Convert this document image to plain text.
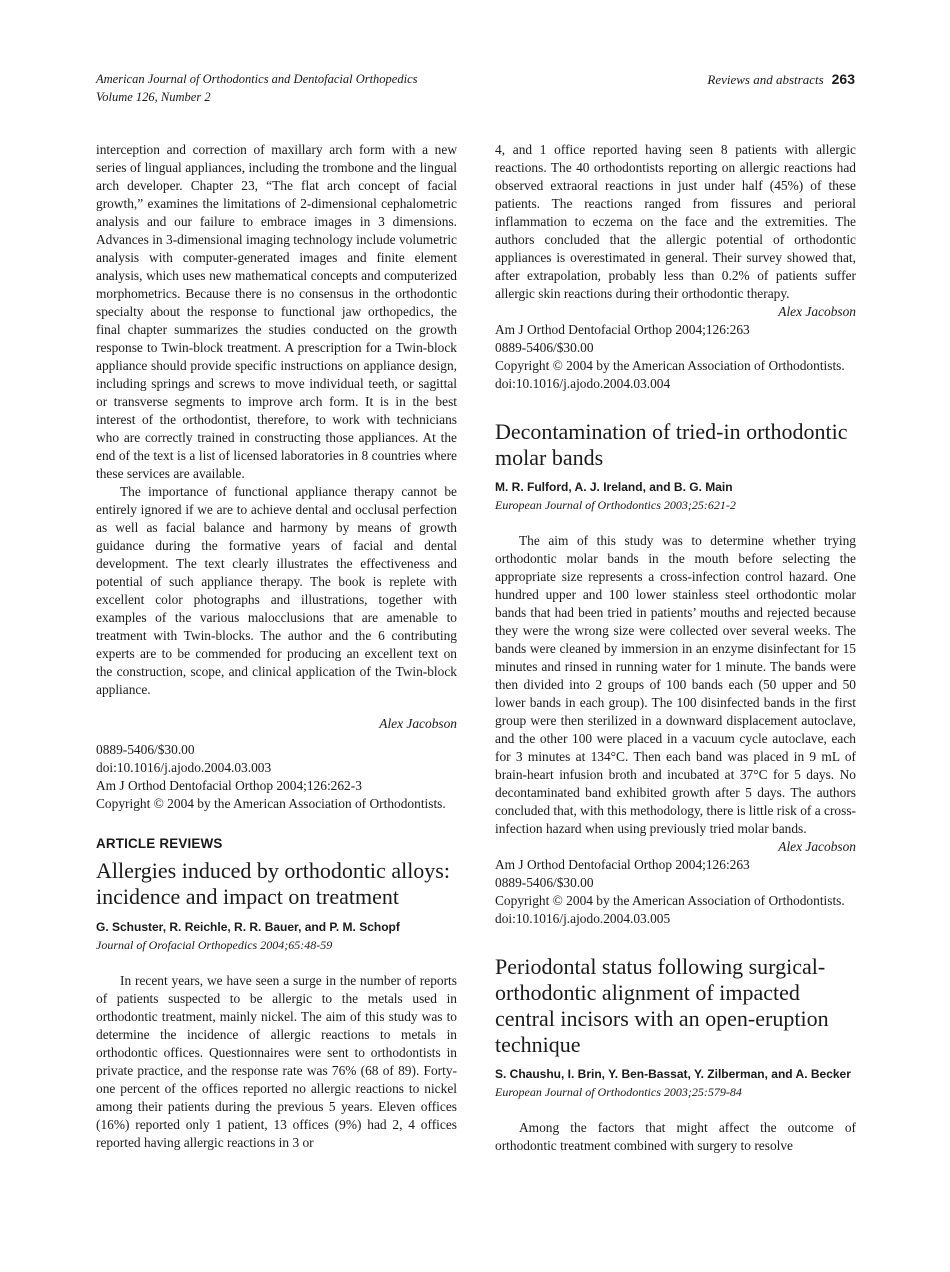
American Journal of Orthodontics and Dentofacial Orthopedics
Volume 126, Number 2
Reviews and abstracts 263

interception and correction of maxillary arch form with a new series of lingual appliances, including the trombone and the lingual arch developer. Chapter 23, “The flat arch concept of facial growth,” examines the limitations of 2-dimensional cephalometric analysis and our failure to embrace images in 3 dimensions. Advances in 3-dimensional imaging technology include volumetric analysis with computer-generated images and finite element analysis, which uses new mathematical concepts and computerized morphometrics. Because there is no consensus in the orthodontic specialty about the response to functional jaw orthopedics, the final chapter summarizes the studies conducted on the growth response to Twin-block treatment. A prescription for a Twin-block appliance should provide specific instructions on appliance design, including springs and screws to move individual teeth, or sagittal or transverse segments to improve arch form. It is in the best interest of the orthodontist, therefore, to work with technicians who are correctly trained in constructing those appliances. At the end of the text is a list of licensed laboratories in 8 countries where these services are available.

The importance of functional appliance therapy cannot be entirely ignored if we are to achieve dental and occlusal perfection as well as facial balance and harmony by means of growth guidance during the formative years of facial and dental development. The text clearly illustrates the effectiveness and potential of such appliance therapy. The book is replete with excellent color photographs and illustrations, together with examples of the various malocclusions that are amenable to treatment with Twin-blocks. The author and the 6 contributing experts are to be commended for producing an excellent text on the construction, scope, and clinical application of the Twin-block appliance.

Alex Jacobson

0889-5406/$30.00

doi:10.1016/j.ajodo.2004.03.003

Am J Orthod Dentofacial Orthop 2004;126:262-3

Copyright © 2004 by the American Association of Orthodontists.

ARTICLE REVIEWS
Allergies induced by orthodontic alloys: incidence and impact on treatment
G. Schuster, R. Reichle, R. R. Bauer, and P. M. Schopf
Journal of Orofacial Orthopedics 2004;65:48-59

In recent years, we have seen a surge in the number of reports of patients suspected to be allergic to the metals used in orthodontic treatment, mainly nickel. The aim of this study was to determine the incidence of allergic reactions to metals in orthodontic offices. Questionnaires were sent to orthodontists in private practice, and the response rate was 76% (68 of 89). Forty-one percent of the offices reported no allergic reactions to nickel among their patients during the previous 5 years. Eleven offices (16%) reported only 1 patient, 13 offices (9%) had 2, 4 offices reported having allergic reactions in 3 or

4, and 1 office reported having seen 8 patients with allergic reactions. The 40 orthodontists reporting on allergic reactions had observed extraoral reactions in just under half (45%) of these patients. The reactions ranged from fissures and perioral inflammation to eczema on the face and the extremities. The authors concluded that the allergic potential of orthodontic appliances is overestimated in general. Their survey showed that, after extrapolation, probably less than 0.2% of patients suffer allergic skin reactions during their orthodontic therapy.

Alex Jacobson

Am J Orthod Dentofacial Orthop 2004;126:263

0889-5406/$30.00

Copyright © 2004 by the American Association of Orthodontists.

doi:10.1016/j.ajodo.2004.03.004

Decontamination of tried-in orthodontic molar bands
M. R. Fulford, A. J. Ireland, and B. G. Main
European Journal of Orthodontics 2003;25:621-2

The aim of this study was to determine whether trying orthodontic molar bands in the mouth before selecting the appropriate size represents a cross-infection control hazard. One hundred upper and 100 lower stainless steel orthodontic molar bands that had been tried in patients’ mouths and rejected because they were the wrong size were collected over several weeks. The bands were cleaned by immersion in an enzyme disinfectant for 15 minutes and rinsed in running water for 1 minute. The bands were then divided into 2 groups of 100 bands each (50 upper and 50 lower bands in each group). The 100 disinfected bands in the first group were then sterilized in a downward displacement autoclave, and the other 100 were placed in a vacuum cycle autoclave, each for 3 minutes at 134°C. Then each band was placed in 9 mL of brain-heart infusion broth and incubated at 37°C for 5 days. No decontaminated band exhibited growth after 5 days. The authors concluded that, with this methodology, there is little risk of a cross-infection hazard when using previously tried molar bands.

Alex Jacobson

Am J Orthod Dentofacial Orthop 2004;126:263

0889-5406/$30.00

Copyright © 2004 by the American Association of Orthodontists.

doi:10.1016/j.ajodo.2004.03.005

Periodontal status following surgical-orthodontic alignment of impacted central incisors with an open-eruption technique
S. Chaushu, I. Brin, Y. Ben-Bassat, Y. Zilberman, and A. Becker
European Journal of Orthodontics 2003;25:579-84

Among the factors that might affect the outcome of orthodontic treatment combined with surgery to resolve
